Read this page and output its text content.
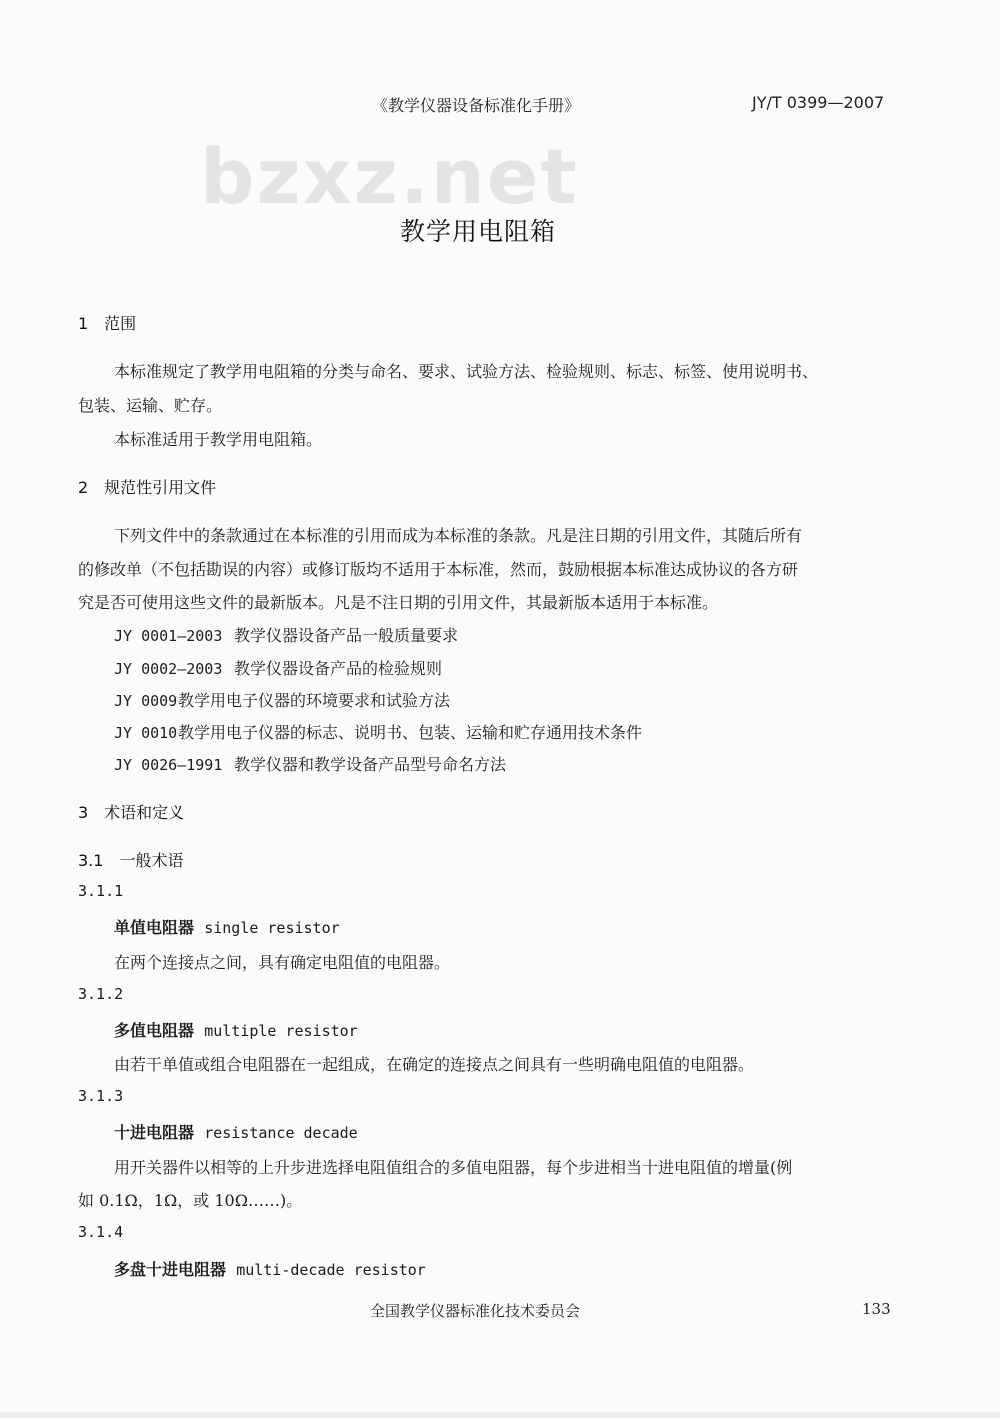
《教学仪器设备标准化手册》	JY/T 0399—2007
bzxz.net
教学用电阻箱
1　范围
本标准规定了教学用电阻箱的分类与命名、要求、试验方法、检验规则、标志、标签、使用说明书、
包装、运输、贮存。
本标准适用于教学用电阻箱。
2　规范性引用文件
下列文件中的条款通过在本标准的引用而成为本标准的条款。凡是注日期的引用文件，其随后所有
的修改单（不包括勘误的内容）或修订版均不适用于本标准，然而，鼓励根据本标准达成协议的各方研
究是否可使用这些文件的最新版本。凡是不注日期的引用文件，其最新版本适用于本标准。
JY 0001—2003 教学仪器设备产品一般质量要求
JY 0002—2003 教学仪器设备产品的检验规则
JY 0009教学用电子仪器的环境要求和试验方法
JY 0010教学用电子仪器的标志、说明书、包装、运输和贮存通用技术条件
JY 0026—1991 教学仪器和教学设备产品型号命名方法
3　术语和定义
3.1　一般术语
3.1.1
单值电阻器 single resistor
在两个连接点之间，具有确定电阻值的电阻器。
3.1.2
多值电阻器 multiple resistor
由若干单值或组合电阻器在一起组成，在确定的连接点之间具有一些明确电阻值的电阻器。
3.1.3
十进电阻器 resistance decade
用开关器件以相等的上升步进选择电阻值组合的多值电阻器，每个步进相当十进电阻值的增量(例
如 0.1Ω，1Ω，或 10Ω……)。
3.1.4
多盘十进电阻器 multi-decade resistor
全国教学仪器标准化技术委员会	133
